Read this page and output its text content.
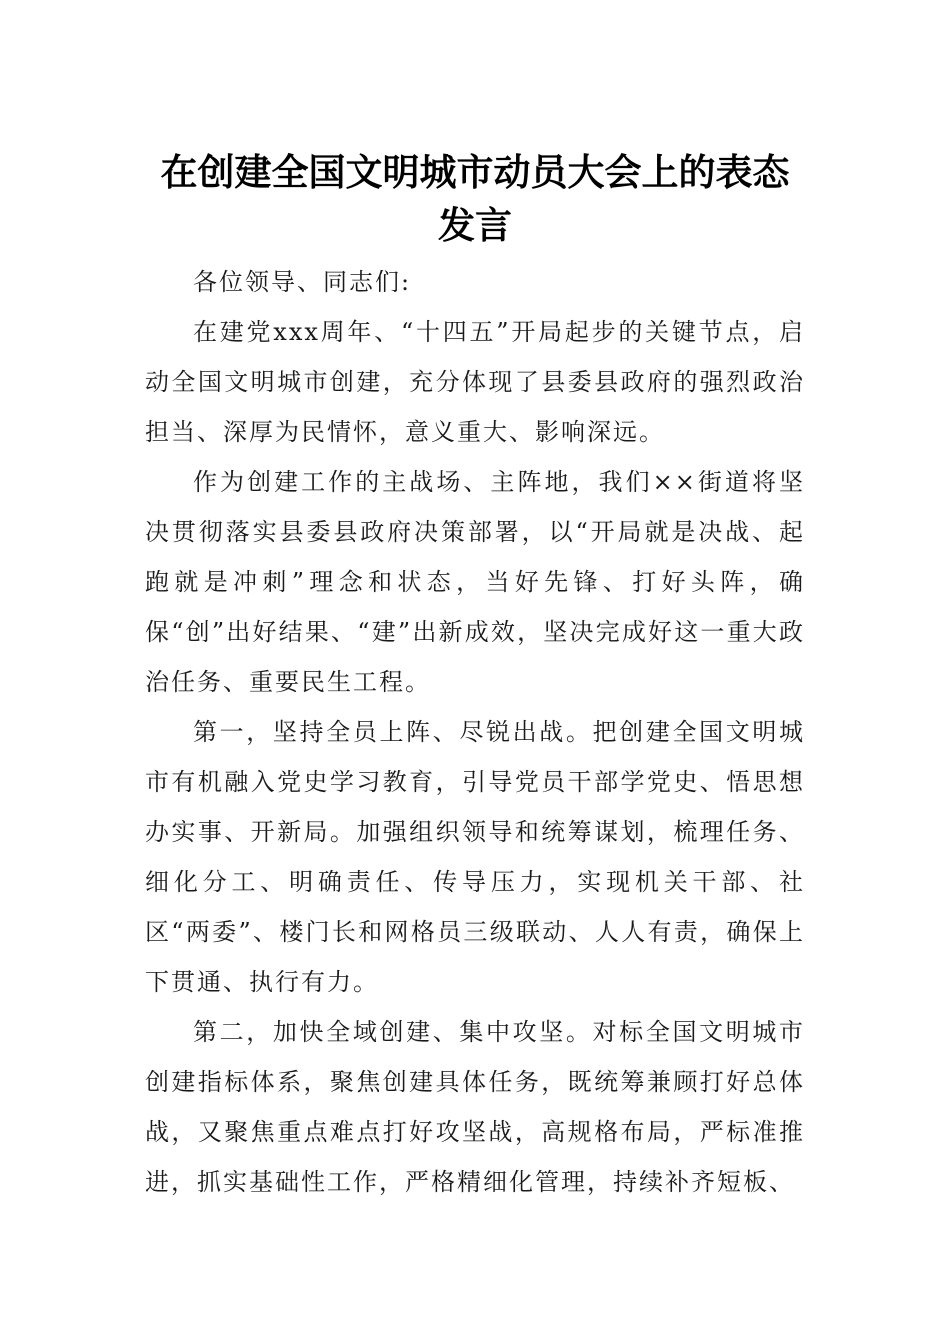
在创建全国文明城市动员大会上的表态发言

各位领导、同志们:

在建党xxx周年、“十四五”开局起步的关键节点，启动全国文明城市创建，充分体现了县委县政府的强烈政治担当、深厚为民情怀，意义重大、影响深远。

作为创建工作的主战场、主阵地，我们××街道将坚决贯彻落实县委县政府决策部署，以“开局就是决战、起跑就是冲刺”理念和状态，当好先锋、打好头阵，确保“创”出好结果、“建”出新成效，坚决完成好这一重大政治任务、重要民生工程。

第一，坚持全员上阵、尽锐出战。把创建全国文明城市有机融入党史学习教育，引导党员干部学党史、悟思想办实事、开新局。加强组织领导和统筹谋划，梳理任务、细化分工、明确责任、传导压力，实现机关干部、社区“两委”、楼门长和网格员三级联动、人人有责，确保上下贯通、执行有力。

第二，加快全域创建、集中攻坚。对标全国文明城市创建指标体系，聚焦创建具体任务，既统筹兼顾打好总体战，又聚焦重点难点打好攻坚战，高规格布局，严标准推进，抓实基础性工作，严格精细化管理，持续补齐短板、
